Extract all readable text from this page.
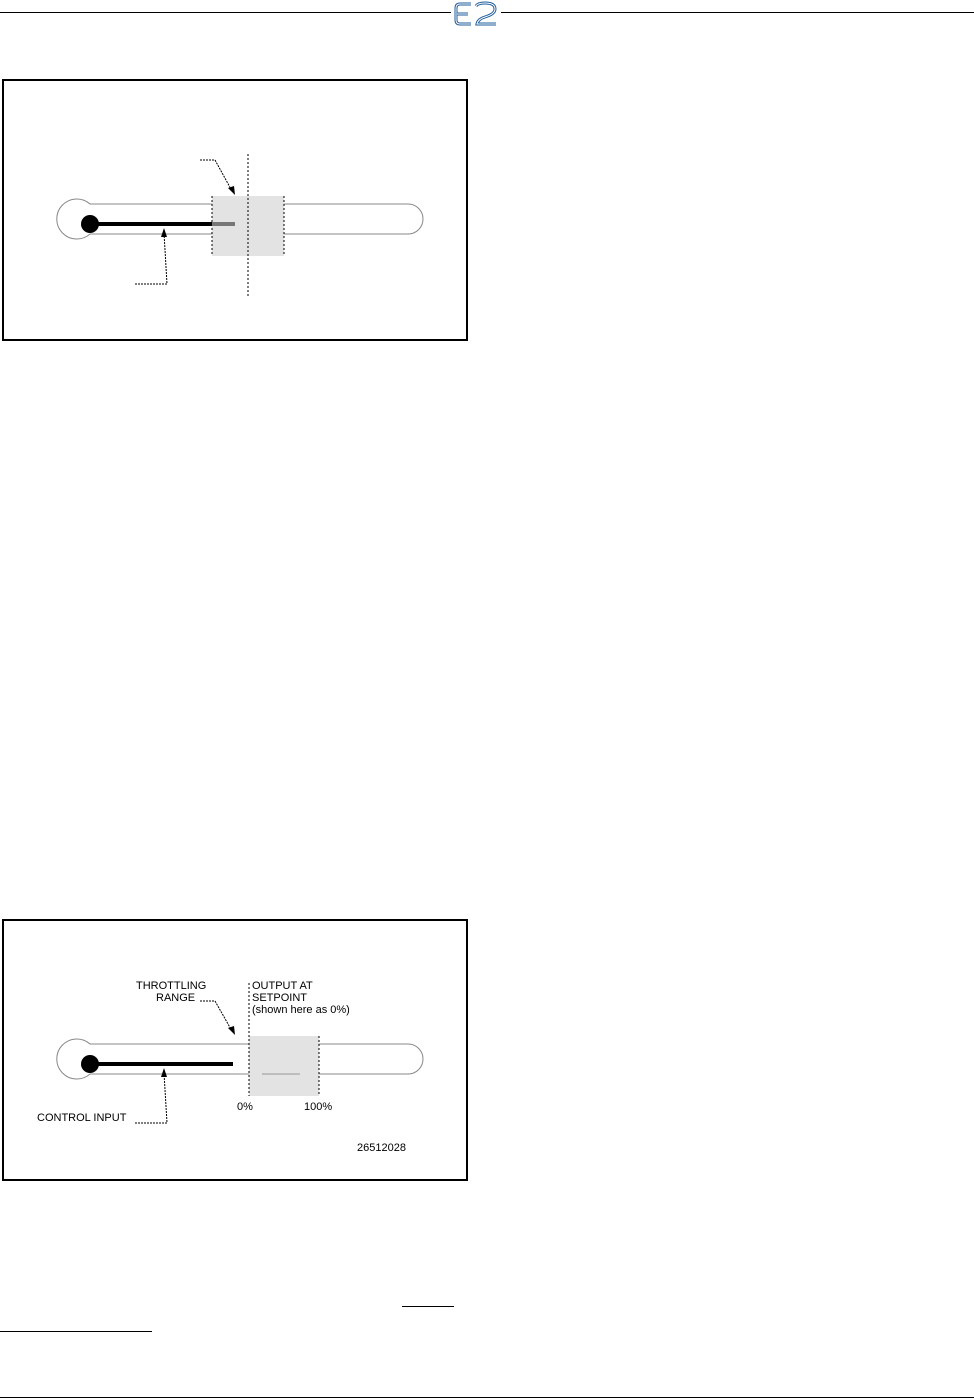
THROTTLING
RANGE
OUTPUT AT
SETPOINT
(shown here as 0%)
CONTROL INPUT
0%	100%
26512028
